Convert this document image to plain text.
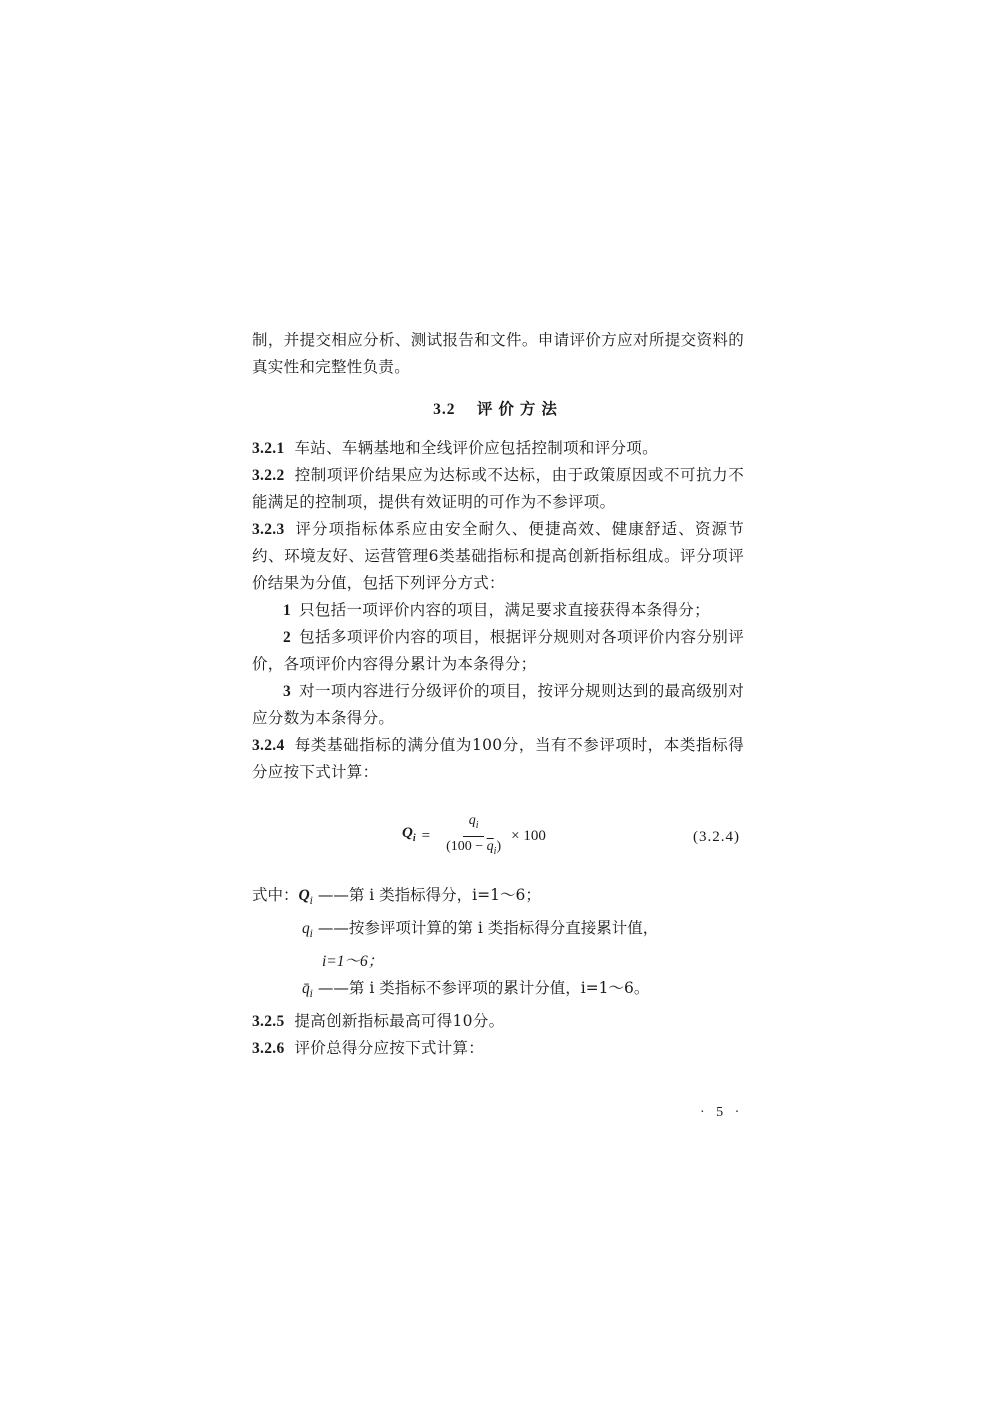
制，并提交相应分析、测试报告和文件。申请评价方应对所提交资料的真实性和完整性负责。

3.2 评价方法

3.2.1 车站、车辆基地和全线评价应包括控制项和评分项。

3.2.2 控制项评价结果应为达标或不达标，由于政策原因或不可抗力不能满足的控制项，提供有效证明的可作为不参评项。

3.2.3 评分项指标体系应由安全耐久、便捷高效、健康舒适、资源节约、环境友好、运营管理6类基础指标和提高创新指标组成。评分项评价结果为分值，包括下列评分方式：

1 只包括一项评价内容的项目，满足要求直接获得本条得分；

2 包括多项评价内容的项目，根据评分规则对各项评价内容分别评价，各项评价内容得分累计为本条得分；

3 对一项内容进行分级评价的项目，按评分规则达到的最高级别对应分数为本条得分。

3.2.4 每类基础指标的满分值为100分，当有不参评项时，本类指标得分应按下式计算：

$Q_i = \frac{q_i}{(100 - \overline{q}_i)} \times 100$	(3.2.4)
式中： $Q_i$ —— 第 i 类指标得分，i=1～6；
$q_i$ —— 按参评项计算的第 i 类指标得分直接累计值，
i=1～6；
$q̄_i$ —— 第 i 类指标不参评项的累计分值，i=1～6。

3.2.5 提高创新指标最高可得10分。

3.2.6 评价总得分应按下式计算：

· 5 ·
